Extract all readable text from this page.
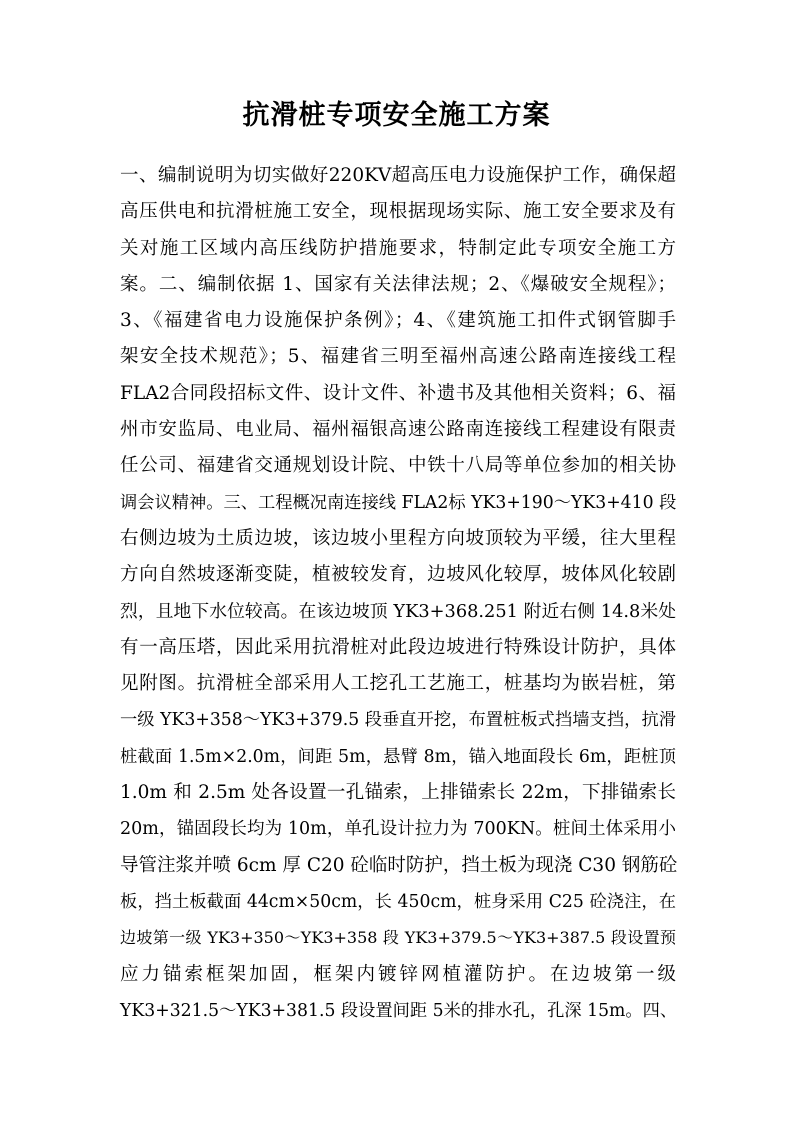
抗滑桩专项安全施工方案
一、编制说明为切实做好220KV超高压电力设施保护工作，确保超
高压供电和抗滑桩施工安全，现根据现场实际、施工安全要求及有
关对施工区域内高压线防护措施要求，特制定此专项安全施工方
案。二、编制依据 1、国家有关法律法规；2、《爆破安全规程》；
3、《福建省电力设施保护条例》；4、《建筑施工扣件式钢管脚手
架安全技术规范》；5、福建省三明至福州高速公路南连接线工程
FLA2合同段招标文件、设计文件、补遗书及其他相关资料；6、福
州市安监局、电业局、福州福银高速公路南连接线工程建设有限责
任公司、福建省交通规划设计院、中铁十八局等单位参加的相关协
调会议精神。三、工程概况南连接线 FLA2标 YK3+190～YK3+410 段
右侧边坡为土质边坡，该边坡小里程方向坡顶较为平缓，往大里程
方向自然坡逐渐变陡，植被较发育，边坡风化较厚，坡体风化较剧
烈，且地下水位较高。在该边坡顶 YK3+368.251 附近右侧 14.8米处
有一高压塔，因此采用抗滑桩对此段边坡进行特殊设计防护，具体
见附图。抗滑桩全部采用人工挖孔工艺施工，桩基均为嵌岩桩，第
一级 YK3+358～YK3+379.5 段垂直开挖，布置桩板式挡墙支挡，抗滑
桩截面 1.5m×2.0m，间距 5m，悬臂 8m，锚入地面段长 6m，距桩顶
1.0m 和 2.5m 处各设置一孔锚索，上排锚索长 22m，下排锚索长
20m，锚固段长均为 10m，单孔设计拉力为 700KN。桩间土体采用小
导管注浆并喷 6cm 厚 C20 砼临时防护，挡土板为现浇 C30 钢筋砼
板，挡土板截面 44cm×50cm，长 450cm，桩身采用 C25 砼浇注，在
边坡第一级 YK3+350～YK3+358 段 YK3+379.5～YK3+387.5 段设置预
应力锚索框架加固，框架内镀锌网植灌防护。在边坡第一级
YK3+321.5～YK3+381.5 段设置间距 5米的排水孔，孔深 15m。四、
